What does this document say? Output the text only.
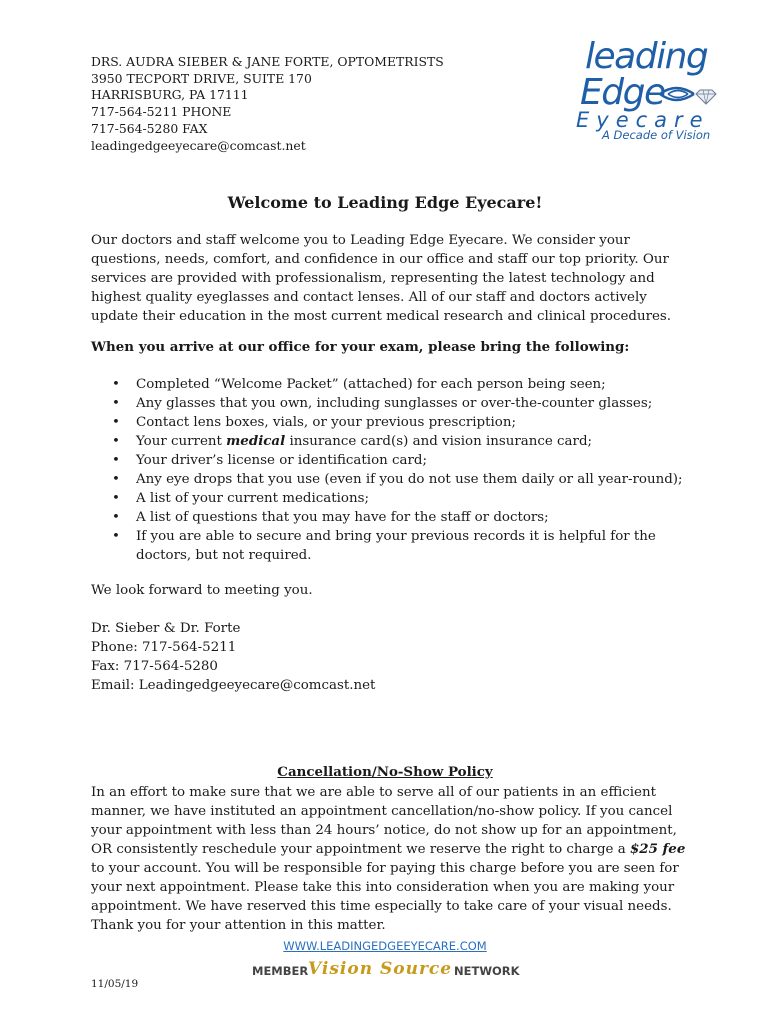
DRS. AUDRA SIEBER & JANE FORTE, OPTOMETRISTS
3950 TECPORT DRIVE, SUITE 170
HARRISBURG, PA 17111
717-564-5211 PHONE
717-564-5280 FAX
leadingedgeeyecare@comcast.net
leading
Edge
Eyecare
A Decade of Vision
Welcome to Leading Edge Eyecare!

Our doctors and staff welcome you to Leading Edge Eyecare. We consider your questions, needs, comfort, and confidence in our office and staff our top priority. Our services are provided with professionalism, representing the latest technology and highest quality eyeglasses and contact lenses. All of our staff and doctors actively update their education in the most current medical research and clinical procedures.

When you arrive at our office for your exam, please bring the following:

• Completed “Welcome Packet” (attached) for each person being seen;
• Any glasses that you own, including sunglasses or over-the-counter glasses;
• Contact lens boxes, vials, or your previous prescription;
• Your current medical insurance card(s) and vision insurance card;
• Your driver’s license or identification card;
• Any eye drops that you use (even if you do not use them daily or all year-round);
• A list of your current medications;
• A list of questions that you may have for the staff or doctors;
• If you are able to secure and bring your previous records it is helpful for the doctors, but not required.

We look forward to meeting you.

Dr. Sieber & Dr. Forte
Phone: 717-564-5211
Fax: 717-564-5280
Email: Leadingedgeeyecare@comcast.net
Cancellation/No-Show Policy

In an effort to make sure that we are able to serve all of our patients in an efficient manner, we have instituted an appointment cancellation/no-show policy. If you cancel your appointment with less than 24 hours’ notice, do not show up for an appointment, OR consistently reschedule your appointment we reserve the right to charge a $25 fee to your account. You will be responsible for paying this charge before you are seen for your next appointment. Please take this into consideration when you are making your appointment. We have reserved this time especially to take care of your visual needs. Thank you for your attention in this matter.

WWW.LEADINGEDGEEYECARE.COM
MEMBER Vision Source NETWORK
11/05/19
